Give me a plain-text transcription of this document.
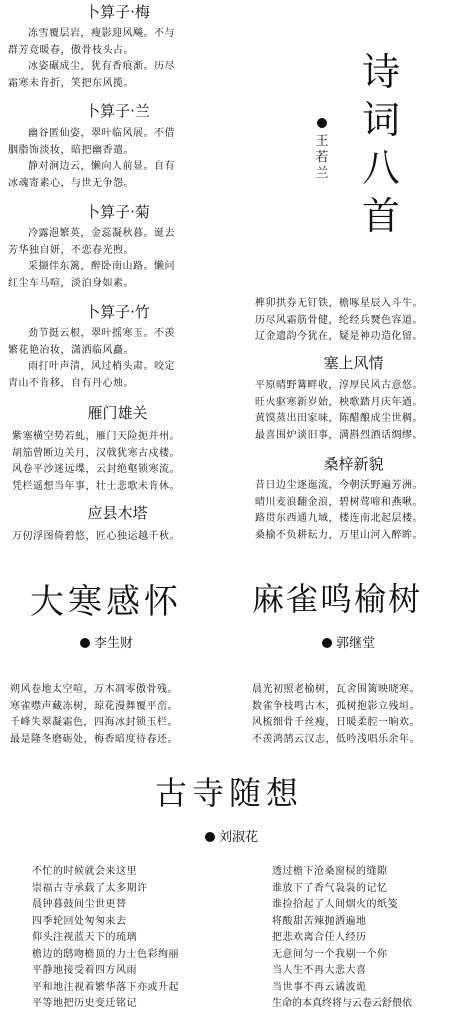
卜算子·梅
冻雪覆层岩，瘦影迎风飚。不与
群芳竞暖春，傲骨枝头占。
冰姿碾成尘，犹有香痕渐。历尽
霜寒未肯折，笑把东风揽。
卜算子·兰
幽谷匿仙姿，翠叶临风展。不借
胭脂饰淡妆，暗把幽香遣。
静对涧边云，懒向人前显。自有
冰魂寄素心，与世无争怨。
卜算子·菊
冷露浥繁英，金蕊凝秋暮。诞去
芳华独自妍，不恋春光煦。
采撷伴东篱，醉卧南山路。懒问
红尘车马喧，淡泊身如素。
卜算子·竹
劲节挺云根，翠叶摇寒玉。不羡
繁花艳冶妆，潇洒临风矗。
雨打叶声清，风过梢头肃。咬定
青山不肯移，自有丹心烛。
雁门雄关
紫塞横空势若虬，雁门天险扼并州。
胡笳曾断边关月，汉戟犹寒古戍楼。
风卷平沙迷远堞，云封绝壑锁寒流。
凭栏遥想当年事，壮士悲歌未肯休。
应县木塔
万仞浮图倚碧悠，匠心独运越千秋。
诗
词
八
首
王
若
兰
榫卯拱券无钉铁，檐啄星辰入斗牛。
历尽风霜筋骨健，纶经兵燹色容道。
辽金遗韵今犹在，疑是神功造化留。
塞上风情
平原晴野篝畔收，淳厚民风古意悠。
旺火驱寒新岁始，秧歌踏月庆年遒。
黄馍蒸出田家味，陈醋酿成尘世稠。
最喜围炉谈旧事，满斟烈酒话绸缪。
桑梓新貌
昔日边尘逐迤流，今朝沃野遍芳洲。
晴川麦浪翻金浪，碧树莺啼和燕啾。
路贯东西通九域，楼连南北起层楼。
桑榆不负耕耘力，万里山河入醉眸。
大寒感怀
李生财
朔风卷地太空喧，万木凋零傲骨残。
寒雀噤声藏冻树，琼花漫舞覆平峦。
千峰失翠凝霜色，四海冰封锁玉栏。
最是隆冬磨砺处，梅香暗度待春还。
麻雀鸣榆树
郭继堂
晨光初照老榆树，瓦舍围篱映晓寒。
数雀争枝鸣古木，孤树抱影立残垣。
风梳细骨千丝瘦，日暖柔腔一晌欢。
不羡鸿鹄云汉志，低吟浅唱乐余年。
古寺随想
刘淑花
不忙的时候就会来这里
崇福古寺承载了太多期许
晨钟暮鼓间尘世更替
四季轮回处匆匆来去
仰头注视蓝天下的琉璃
檐边的鸱吻檐顶的力士色彩绚丽
平静地接受着四方风雨
平和地注视着繁华落下亦或升起
平等地把历史变迁铭记
透过檐下沧桑窗棂的缝隙
谁放下了香气袅袅的记忆
谁捡拾起了人间烟火的纸笺
将酸甜苦辣抛洒遍地
把悲欢离合任人经历
无意间匀一个我剔一个你
当人生不再大悲大喜
当世事不再云谲波诡
生命的本真终将与云卷云舒偎依
